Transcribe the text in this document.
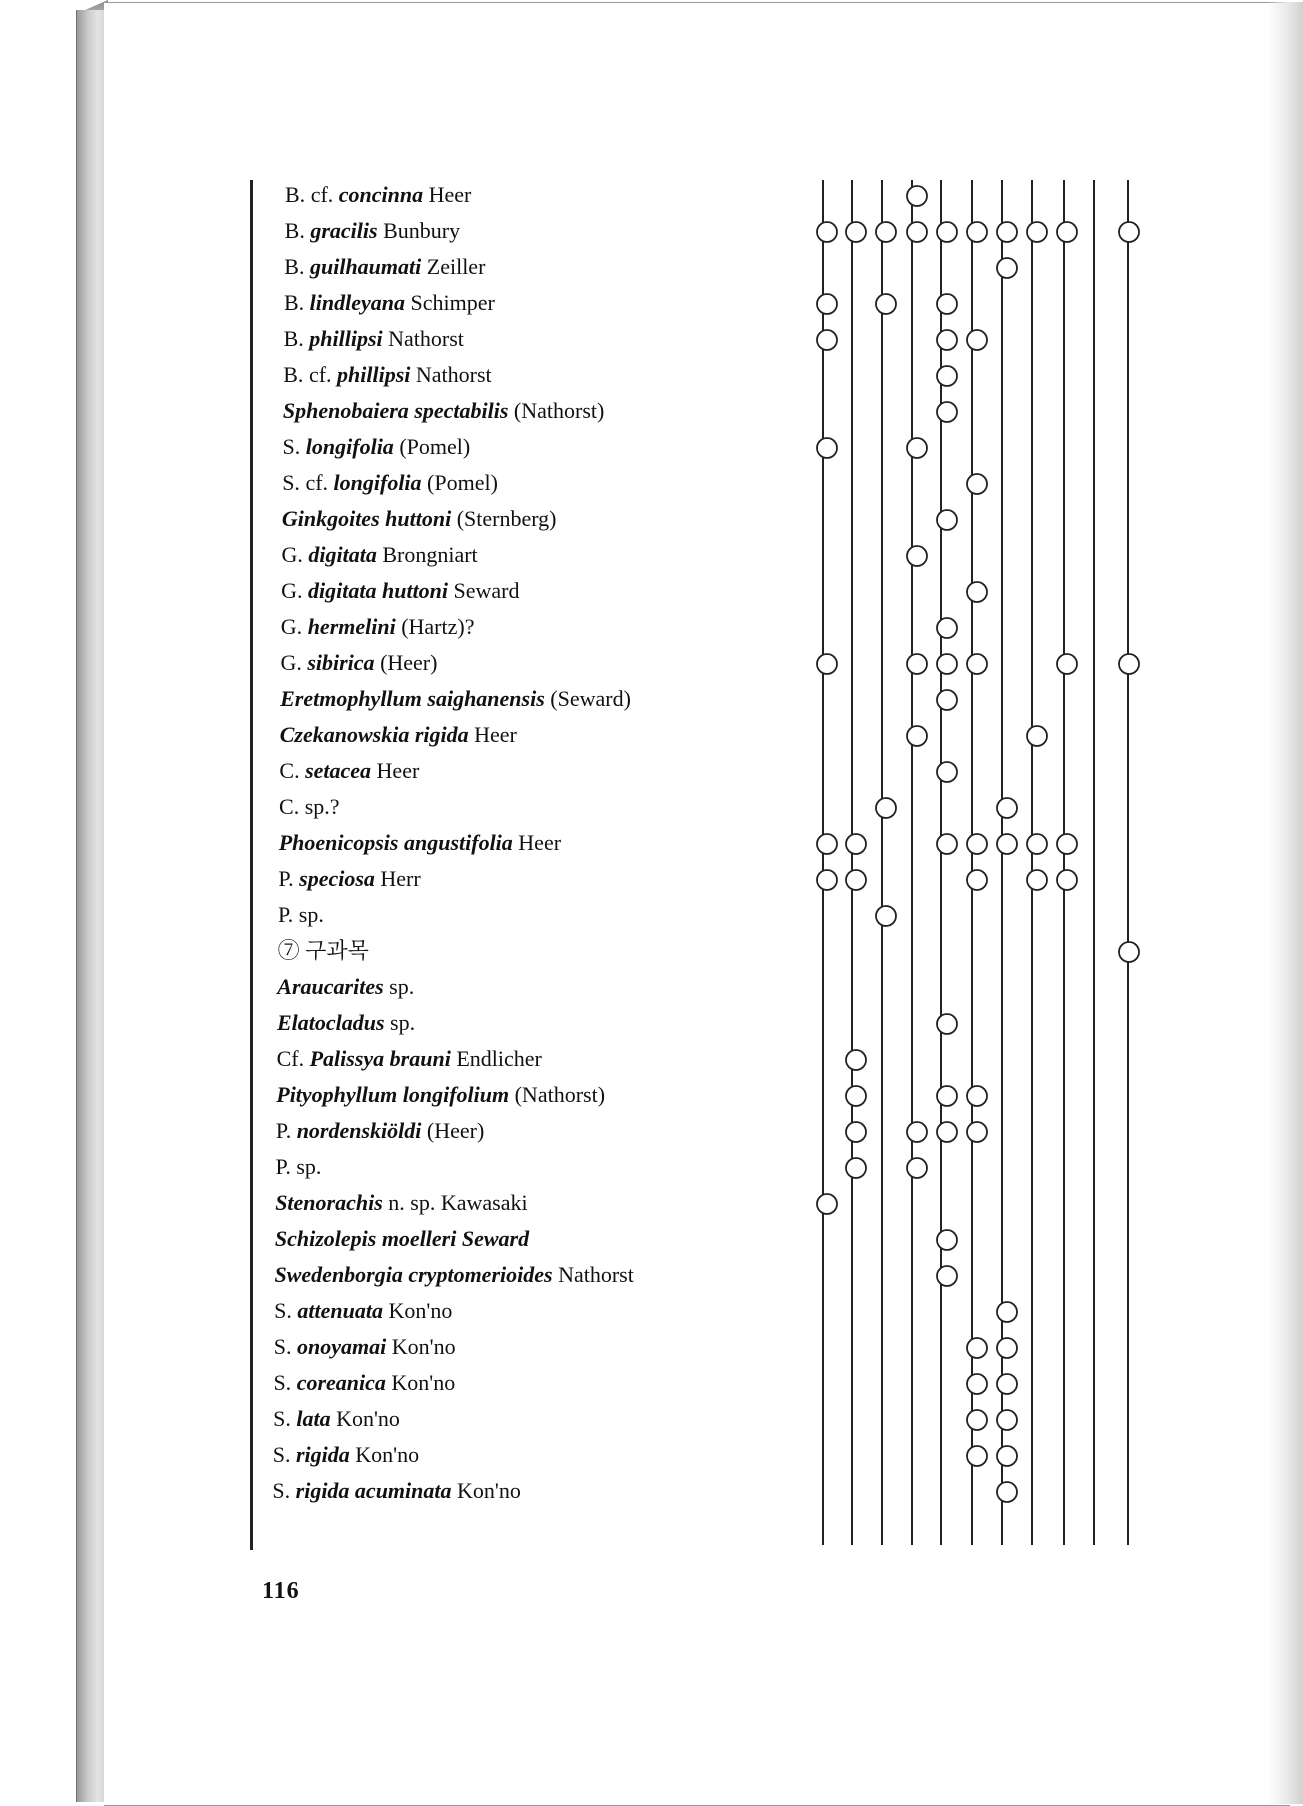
B. cf. concinna Heer
B. gracilis Bunbury
B. guilhaumati Zeiller
B. lindleyana Schimper
B. phillipsi Nathorst
B. cf. phillipsi Nathorst
Sphenobaiera spectabilis (Nathorst)
S. longifolia (Pomel)
S. cf. longifolia (Pomel)
Ginkgoites huttoni (Sternberg)
G. digitata Brongniart
G. digitata huttoni Seward
G. hermelini (Hartz)?
G. sibirica (Heer)
Eretmophyllum saighanensis (Seward)
Czekanowskia rigida Heer
C. setacea Heer
C. sp.?
Phoenicopsis angustifolia Heer
P. speciosa Herr
P. sp.
⑦ 구과목
Araucarites sp.
Elatocladus sp.
Cf. Palissya brauni Endlicher
Pityophyllum longifolium (Nathorst)
P. nordenskiöldi (Heer)
P. sp.
Stenorachis n. sp. Kawasaki
Schizolepis moelleri Seward
Swedenborgia cryptomerioides Nathorst
S. attenuata Kon'no
S. onoyamai Kon'no
S. coreanica Kon'no
S. lata Kon'no
S. rigida Kon'no
S. rigida acuminata Kon'no
116
